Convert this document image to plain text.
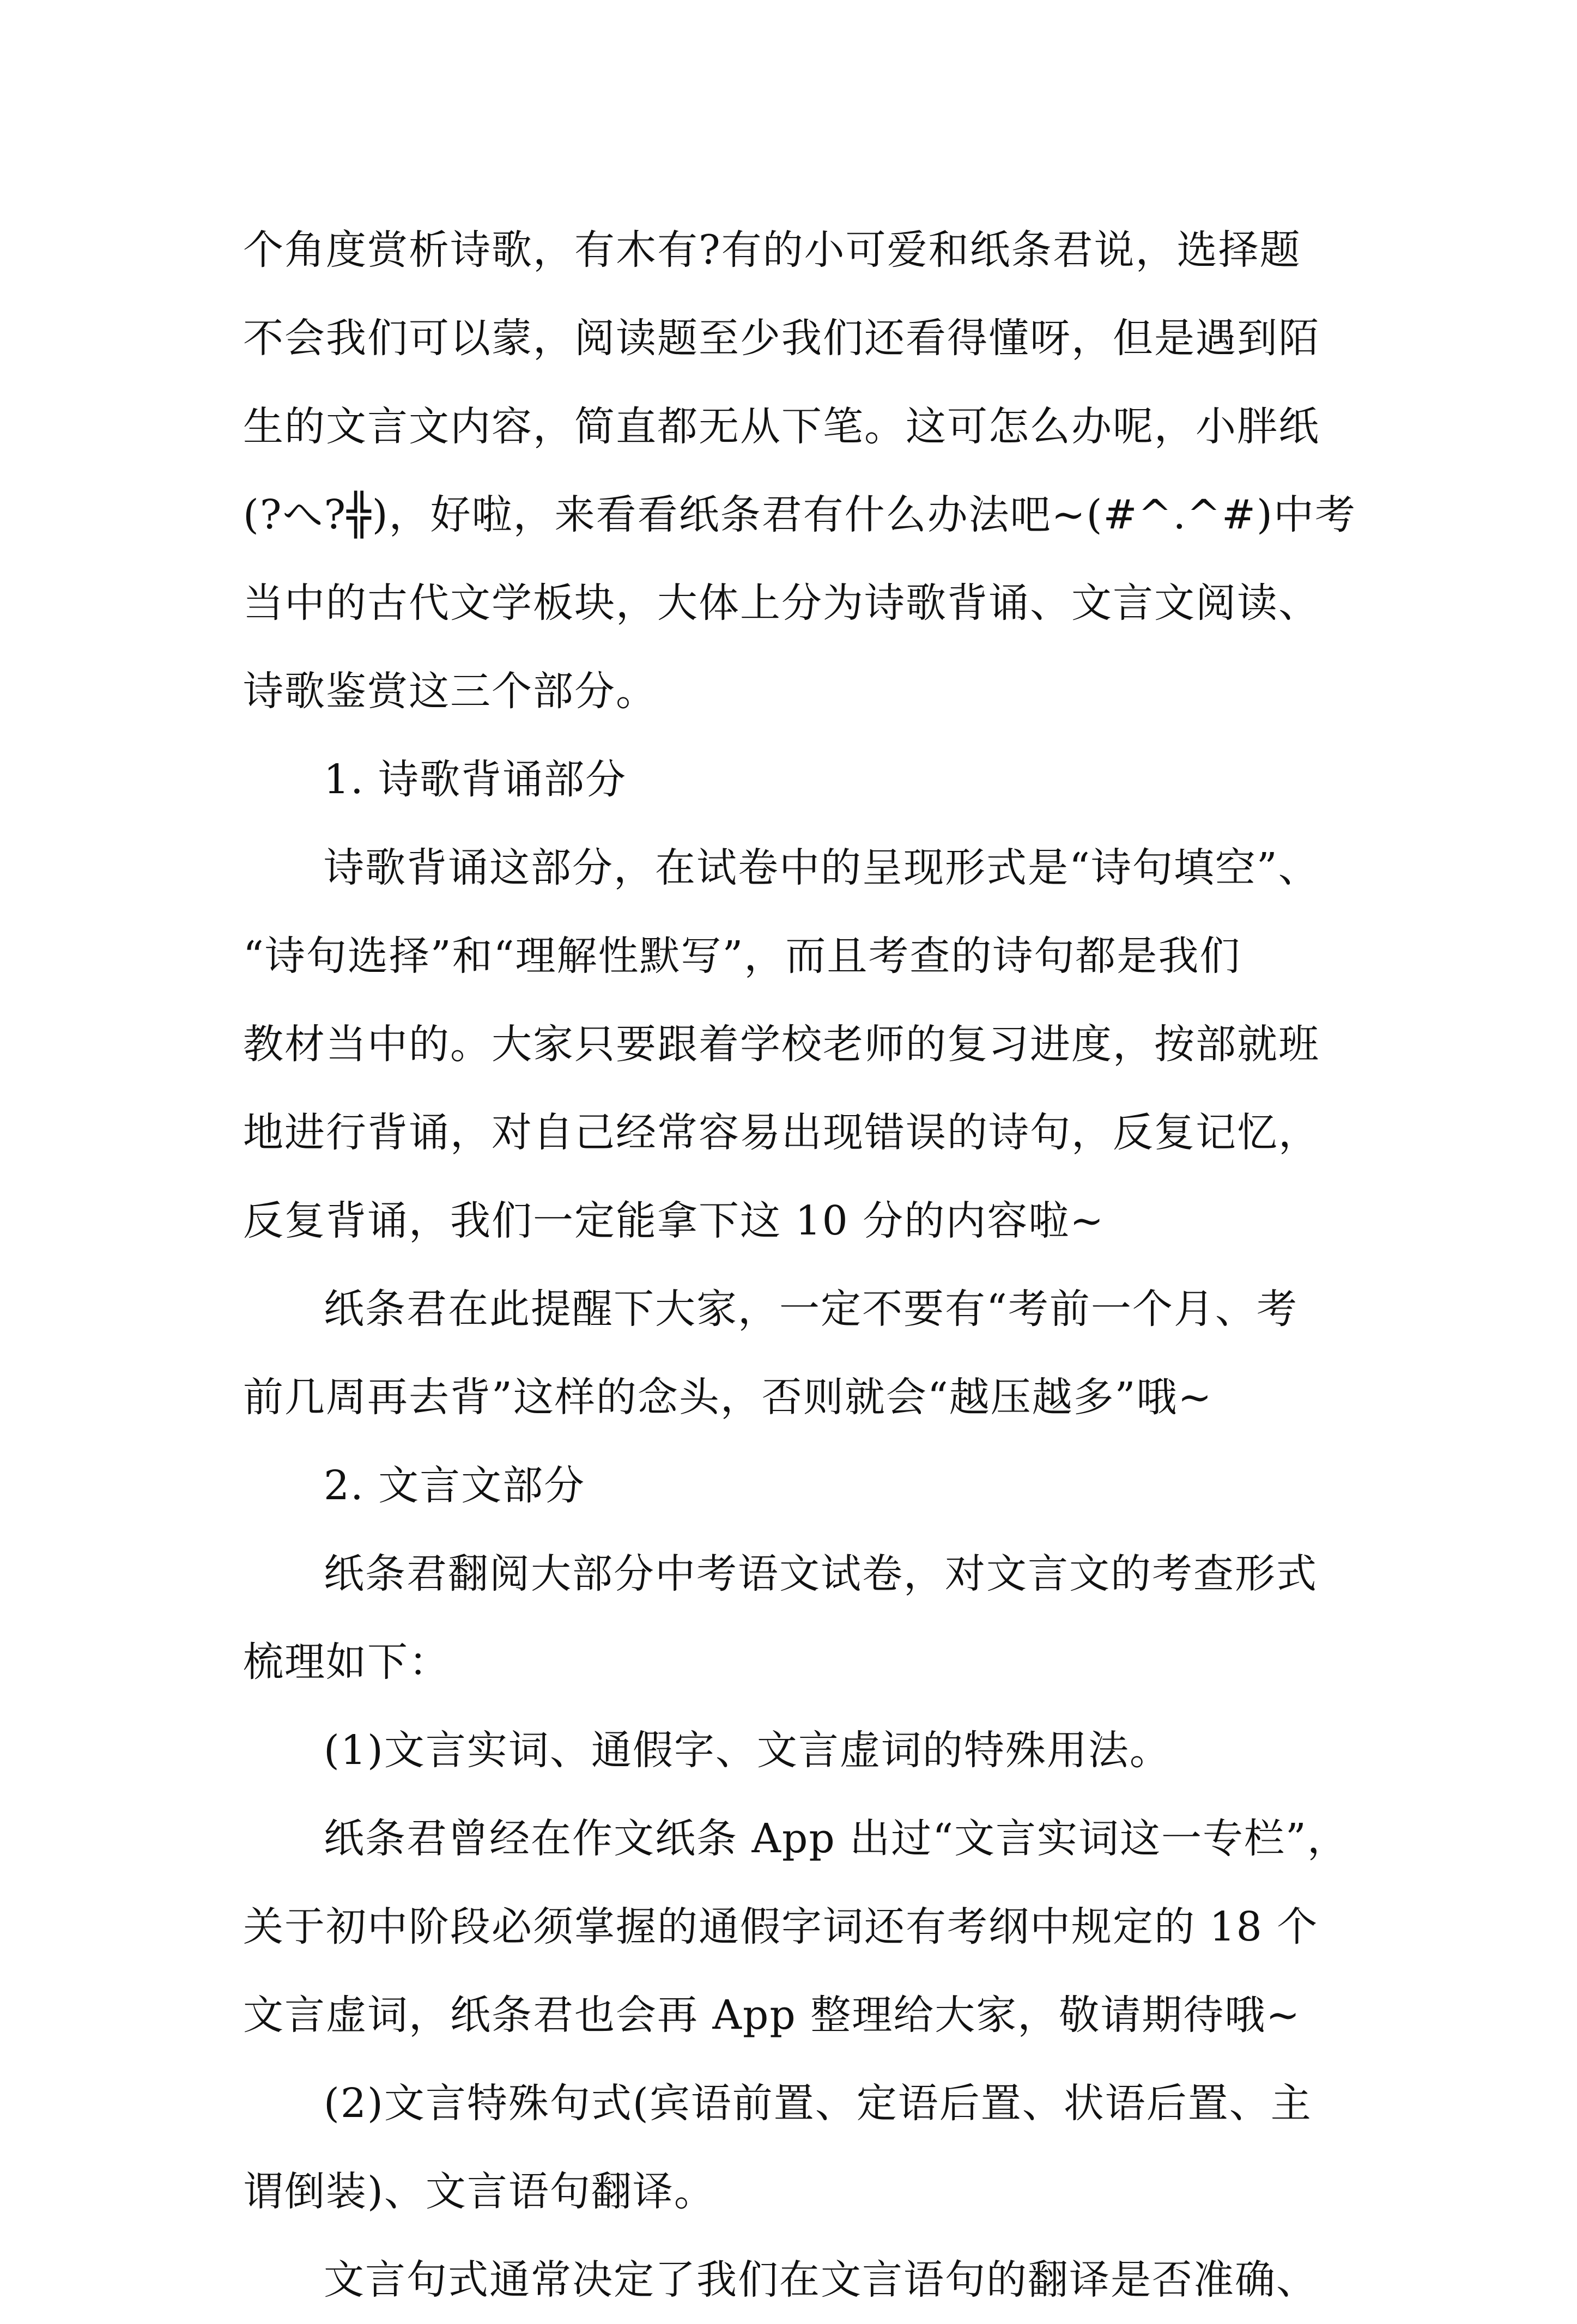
个角度赏析诗歌，有木有?有的小可爱和纸条君说，选择题
不会我们可以蒙，阅读题至少我们还看得懂呀，但是遇到陌
生的文言文内容，简直都无从下笔。这可怎么办呢，小胖纸
(?へ?╬)，好啦，来看看纸条君有什么办法吧~(#^.^#)中考
当中的古代文学板块，大体上分为诗歌背诵、文言文阅读、
诗歌鉴赏这三个部分。
1. 诗歌背诵部分
诗歌背诵这部分，在试卷中的呈现形式是“诗句填空”、
“诗句选择”和“理解性默写”，而且考查的诗句都是我们
教材当中的。大家只要跟着学校老师的复习进度，按部就班
地进行背诵，对自己经常容易出现错误的诗句，反复记忆，
反复背诵，我们一定能拿下这 10 分的内容啦~
纸条君在此提醒下大家，一定不要有“考前一个月、考
前几周再去背”这样的念头，否则就会“越压越多”哦~
2. 文言文部分
纸条君翻阅大部分中考语文试卷，对文言文的考查形式
梳理如下：
(1)文言实词、通假字、文言虚词的特殊用法。
纸条君曾经在作文纸条 App 出过“文言实词这一专栏”，
关于初中阶段必须掌握的通假字词还有考纲中规定的 18 个
文言虚词，纸条君也会再 App 整理给大家，敬请期待哦~
(2)文言特殊句式(宾语前置、定语后置、状语后置、主
谓倒装)、文言语句翻译。
文言句式通常决定了我们在文言语句的翻译是否准确、
